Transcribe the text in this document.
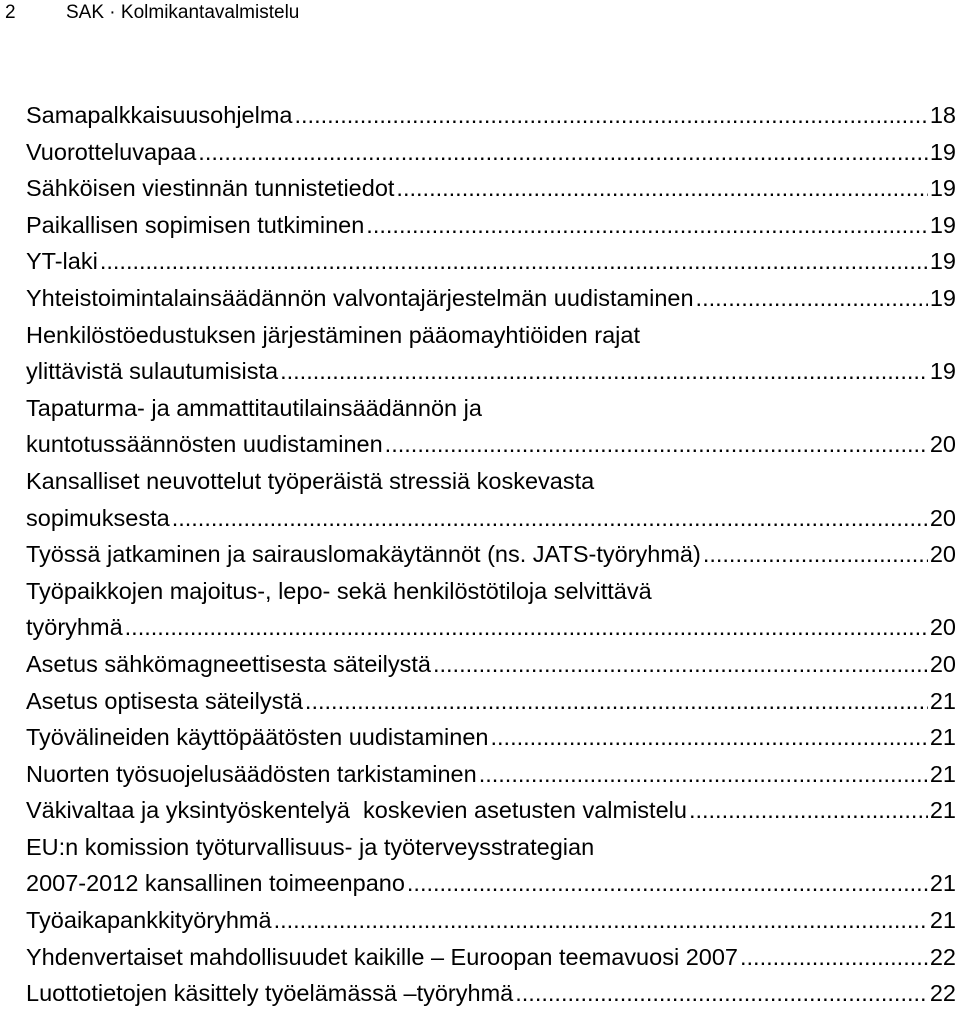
2	SAK · Kolmikantavalmistelu
Samapalkkaisuusohjelma .....	18
Vuorotteluvapaa .....	19
Sähköisen viestinnän tunnistetiedot .....	19
Paikallisen sopimisen tutkiminen .....	19
YT-laki .....	19
Yhteistoimintalainsäädännön valvontajärjestelmän uudistaminen .....	19
Henkilöstöedustuksen järjestäminen pääomayhtiöiden rajat
ylittävistä sulautumisista .....	19
Tapaturma- ja ammattitautilainsäädännön ja
kuntotussäännösten uudistaminen .....	20
Kansalliset neuvottelut työperäistä stressiä koskevasta
sopimuksesta .....	20
Työssä jatkaminen ja sairauslomakäytännöt (ns. JATS-työryhmä) .....	20
Työpaikkojen majoitus-, lepo- sekä henkilöstötiloja selvittävä
työryhmä .....	20
Asetus sähkömagneettisesta säteilystä .....	20
Asetus optisesta säteilystä .....	21
Työvälineiden käyttöpäätösten uudistaminen .....	21
Nuorten työsuojelusäädösten tarkistaminen .....	21
Väkivaltaa ja yksintyöskentelyä  koskevien asetusten valmistelu .....	21
EU:n komission työturvallisuus- ja työterveysstrategian
2007-2012 kansallinen toimeenpano .....	21
Työaikapankkityöryhmä .....	21
Yhdenvertaiset mahdollisuudet kaikille – Euroopan teemavuosi 2007 .....	22
Luottotietojen käsittely työelämässä –työryhmä .....	22
